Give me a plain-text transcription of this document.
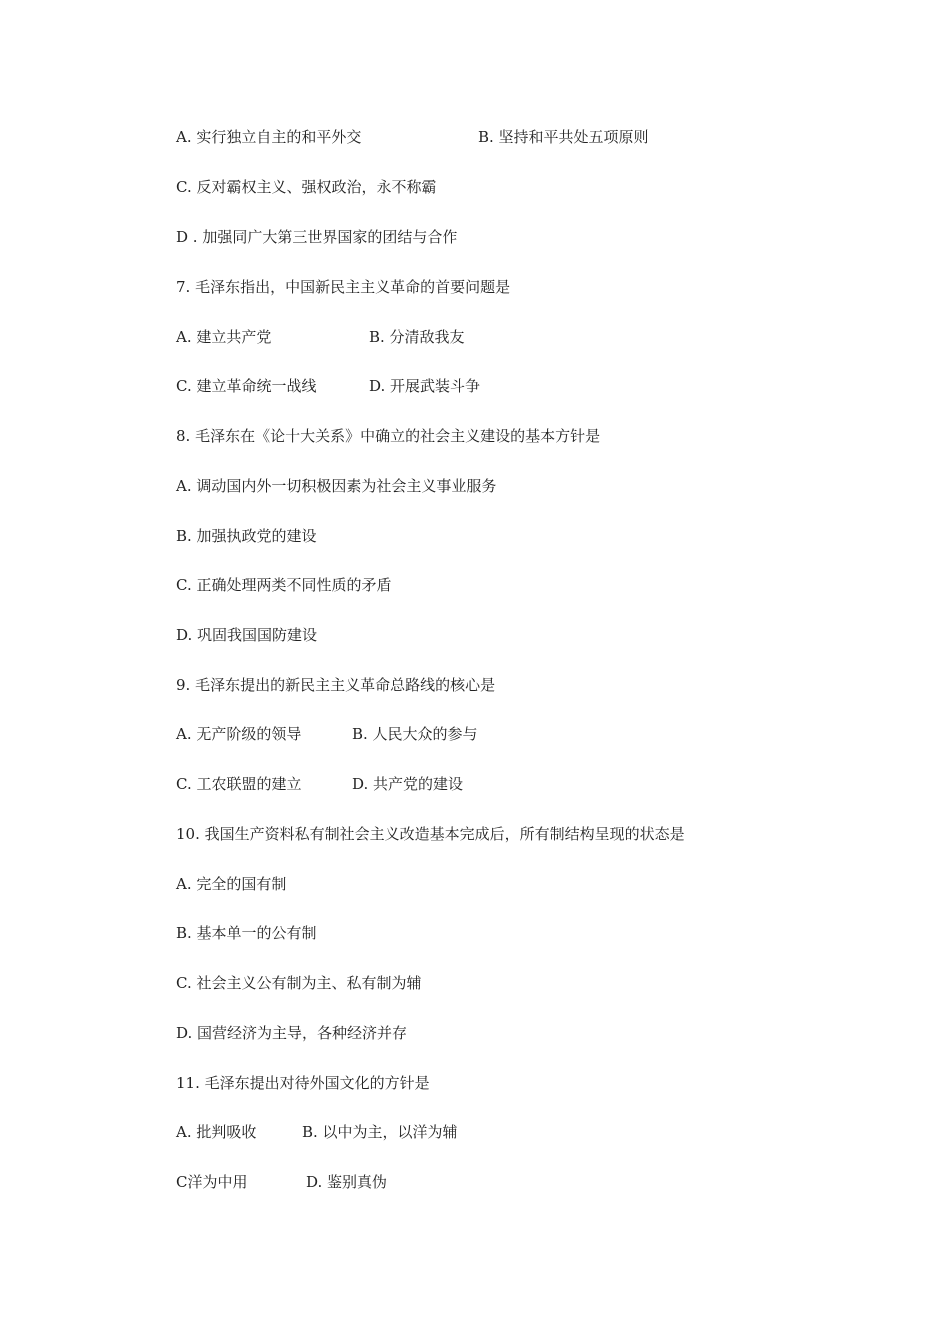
A. 实行独立自主的和平外交	B. 坚持和平共处五项原则
C. 反对霸权主义、强权政治，永不称霸
D . 加强同广大第三世界国家的团结与合作
7. 毛泽东指出，中国新民主主义革命的首要问题是
A. 建立共产党	B. 分清敌我友
C. 建立革命统一战线	D. 开展武装斗争
8. 毛泽东在《论十大关系》中确立的社会主义建设的基本方针是
A. 调动国内外一切积极因素为社会主义事业服务
B. 加强执政党的建设
C. 正确处理两类不同性质的矛盾
D. 巩固我国国防建设
9. 毛泽东提出的新民主主义革命总路线的核心是
A. 无产阶级的领导	B. 人民大众的参与
C. 工农联盟的建立	D. 共产党的建设
10. 我国生产资料私有制社会主义改造基本完成后，所有制结构呈现的状态是
A. 完全的国有制
B. 基本单一的公有制
C. 社会主义公有制为主、私有制为辅
D. 国营经济为主导，各种经济并存
11. 毛泽东提出对待外国文化的方针是
A. 批判吸收	B. 以中为主，以洋为辅
C洋为中用	D. 鉴别真伪
